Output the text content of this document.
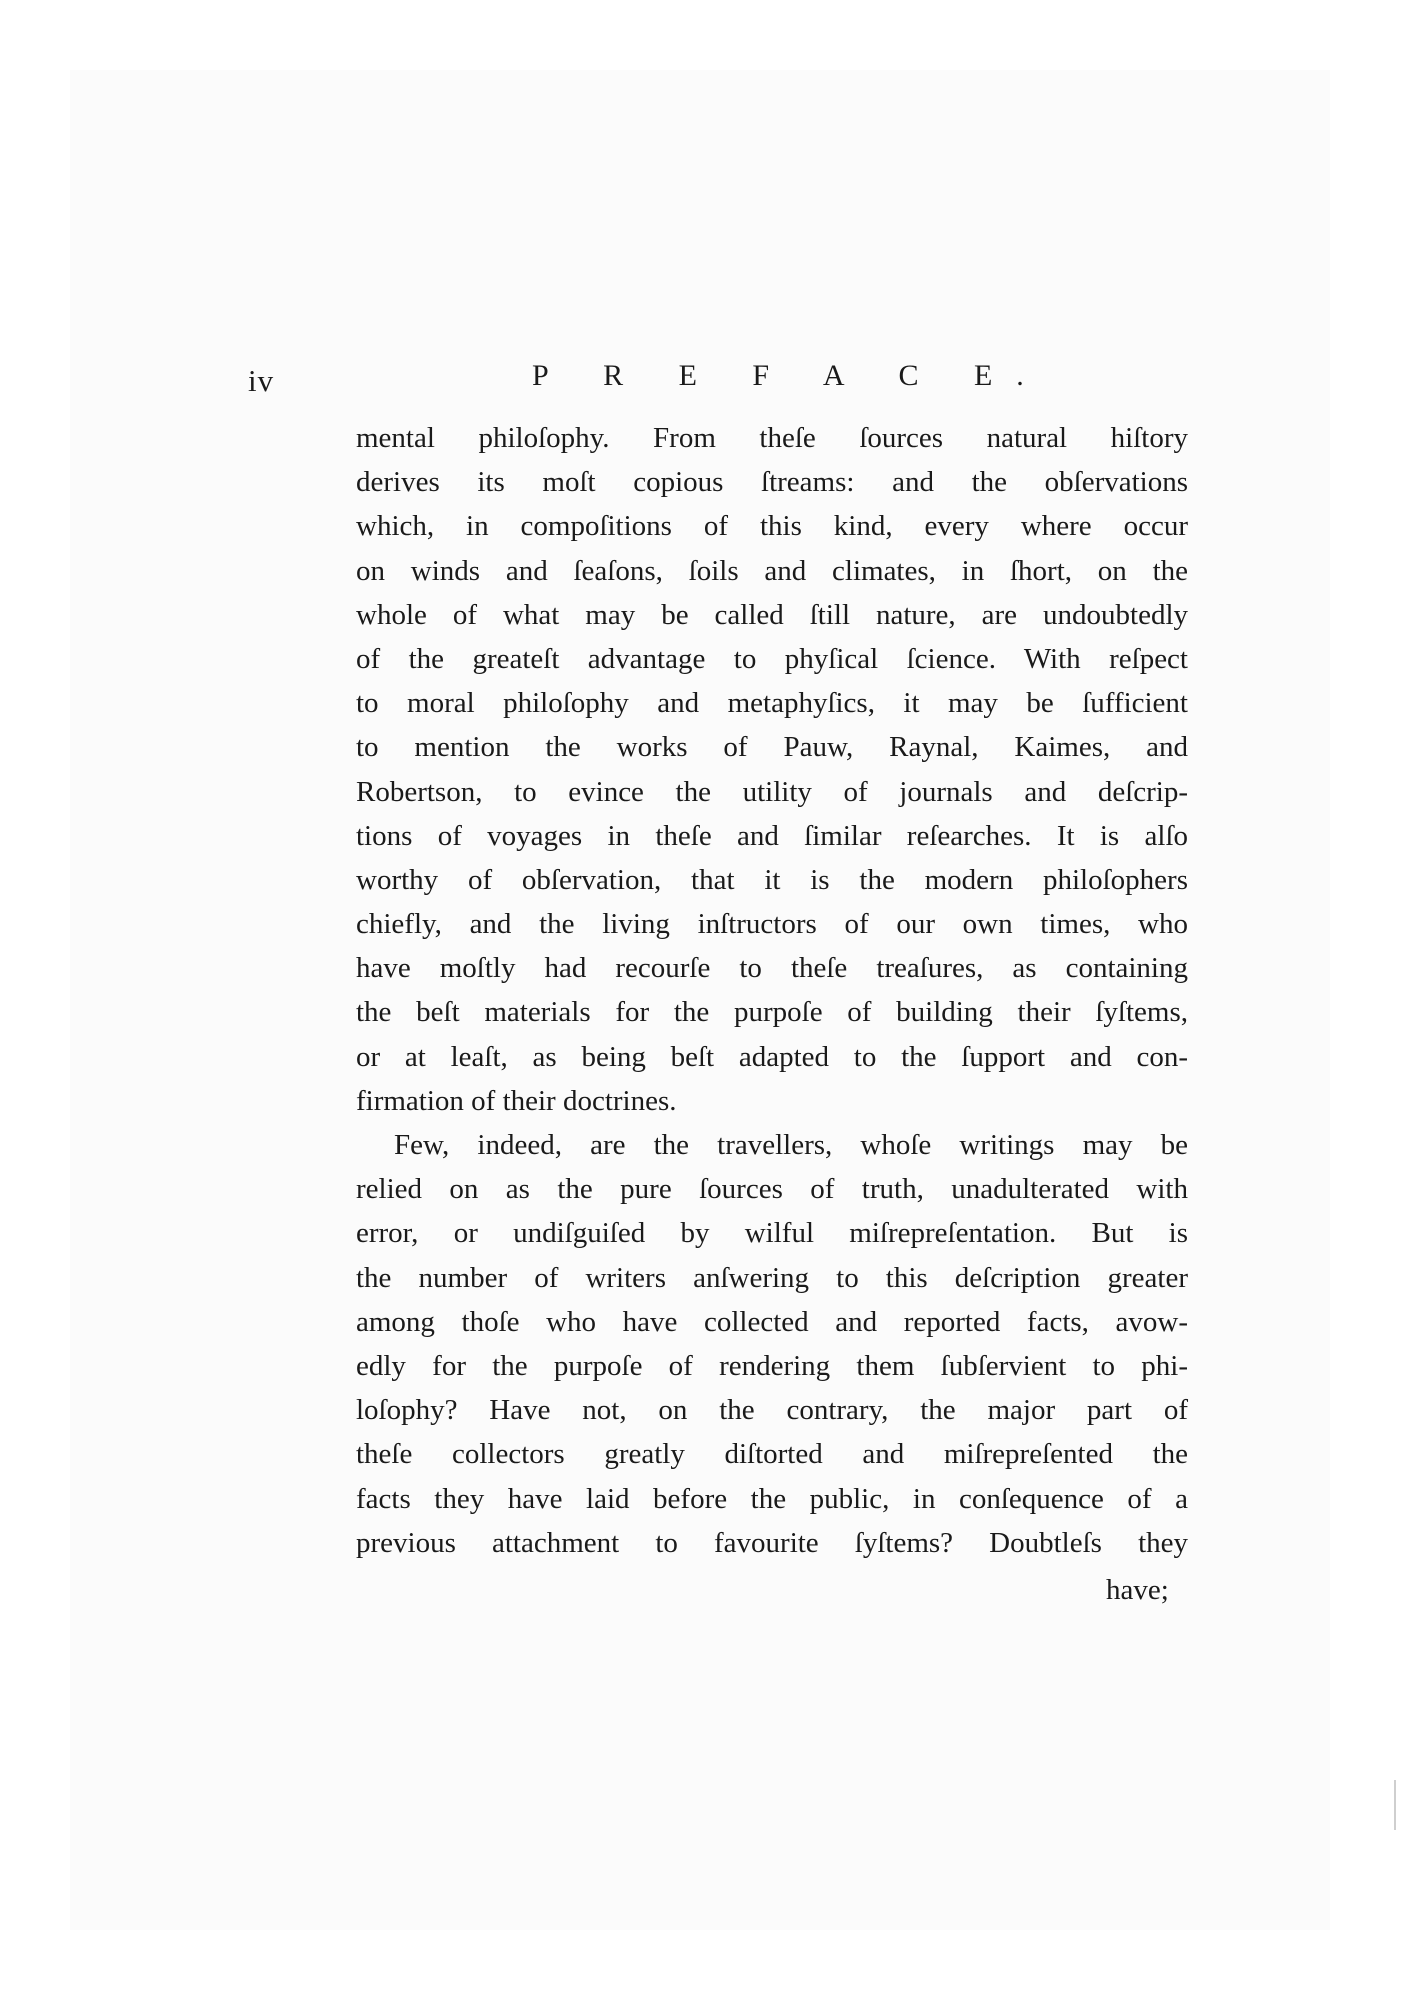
iv	P R E F A C E.
mental philoſophy. From theſe ſources natural hiſtory
derives its moſt copious ſtreams: and the obſervations
which, in compoſitions of this kind, every where occur
on winds and ſeaſons, ſoils and climates, in ſhort, on the
whole of what may be called ſtill nature, are undoubtedly
of the greateſt advantage to phyſical ſcience. With reſpect
to moral philoſophy and metaphyſics, it may be ſufficient
to mention the works of Pauw, Raynal, Kaimes, and
Robertson, to evince the utility of journals and deſcrip-
tions of voyages in theſe and ſimilar reſearches. It is alſo
worthy of obſervation, that it is the modern philoſophers
chiefly, and the living inſtructors of our own times, who
have moſtly had recourſe to theſe treaſures, as containing
the beſt materials for the purpoſe of building their ſyſtems,
or at leaſt, as being beſt adapted to the ſupport and con-
firmation of their doctrines.
Few, indeed, are the travellers, whoſe writings may be
relied on as the pure ſources of truth, unadulterated with
error, or undiſguiſed by wilful miſrepreſentation. But is
the number of writers anſwering to this deſcription greater
among thoſe who have collected and reported facts, avow-
edly for the purpoſe of rendering them ſubſervient to phi-
loſophy? Have not, on the contrary, the major part of
theſe collectors greatly diſtorted and miſrepreſented the
facts they have laid before the public, in conſequence of a
previous attachment to favourite ſyſtems? Doubtleſs they
have;
